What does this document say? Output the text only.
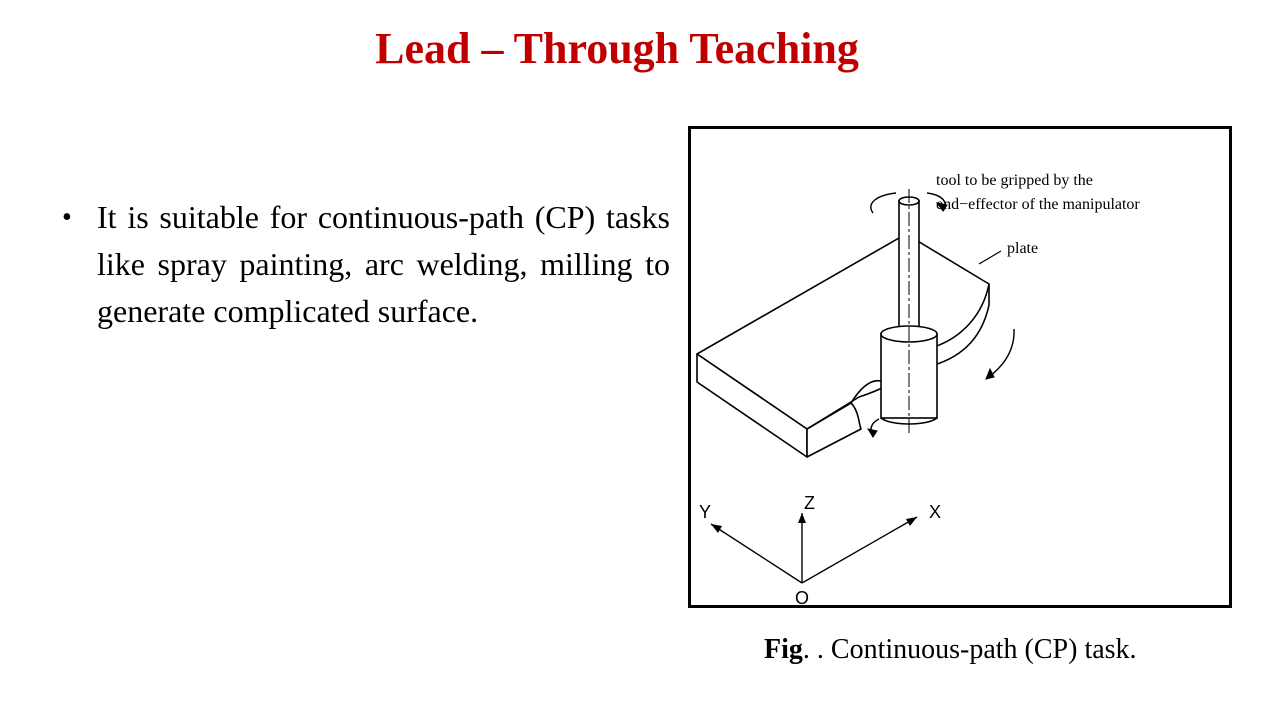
Lead – Through Teaching
• It is suitable for continuous-path (CP) tasks like spray painting, arc welding, milling to generate complicated surface.
tool to be gripped by the
end−effector of the manipulator
plate
X
Y	Z
O
Fig. . Continuous-path (CP) task.
